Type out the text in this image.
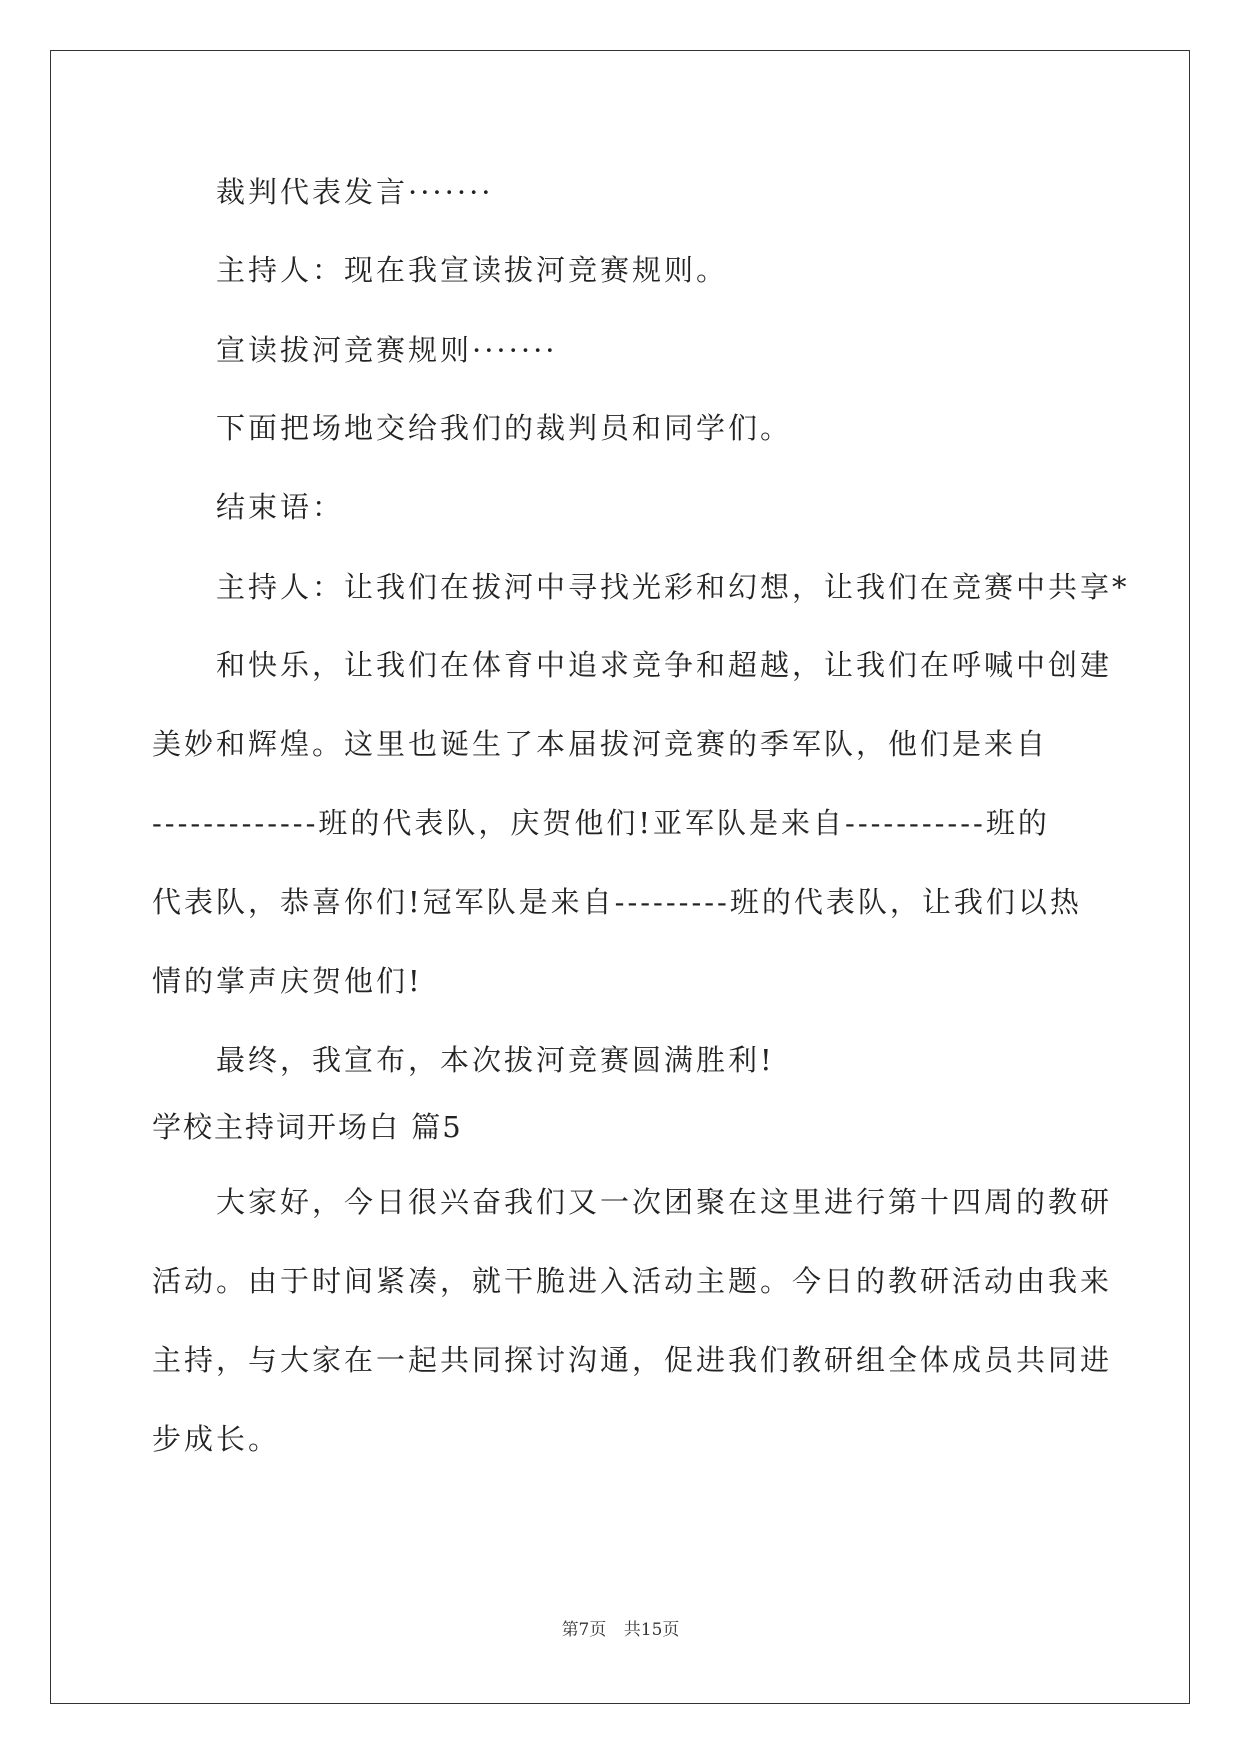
裁判代表发言·······
主持人：现在我宣读拔河竞赛规则。
宣读拔河竞赛规则·······
下面把场地交给我们的裁判员和同学们。
结束语：
主持人：让我们在拔河中寻找光彩和幻想，让我们在竞赛中共享*
和快乐，让我们在体育中追求竞争和超越，让我们在呼喊中创建
美妙和辉煌。这里也诞生了本届拔河竞赛的季军队，他们是来自
-------------班的代表队，庆贺他们!亚军队是来自-----------班的
代表队，恭喜你们!冠军队是来自---------班的代表队，让我们以热
情的掌声庆贺他们!
最终，我宣布，本次拔河竞赛圆满胜利!
学校主持词开场白 篇5
大家好，今日很兴奋我们又一次团聚在这里进行第十四周的教研
活动。由于时间紧凑，就干脆进入活动主题。今日的教研活动由我来
主持，与大家在一起共同探讨沟通，促进我们教研组全体成员共同进
步成长。
第7页 共15页
